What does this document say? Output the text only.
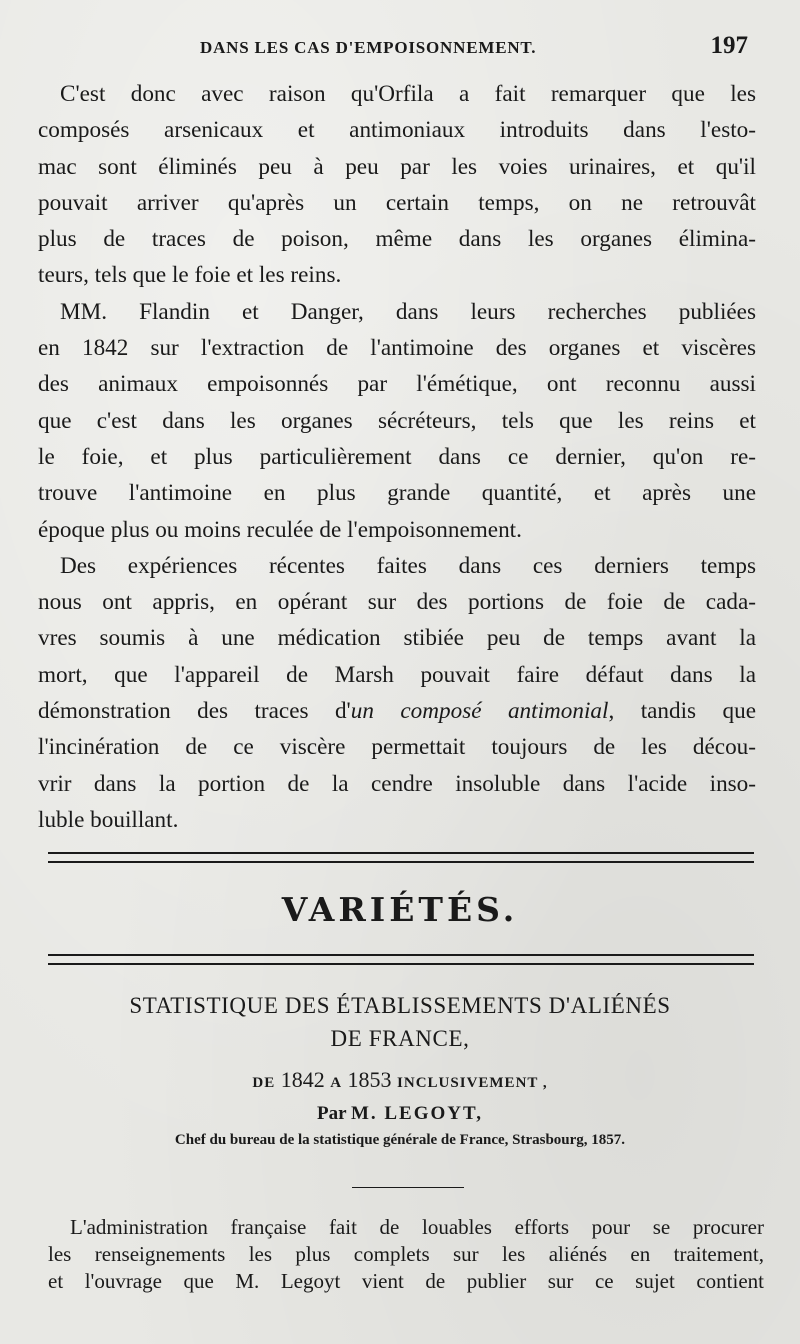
DANS LES CAS D'EMPOISONNEMENT.	197
C'est donc avec raison qu'Orfila a fait remarquer que les
composés arsenicaux et antimoniaux introduits dans l'esto-
mac sont éliminés peu à peu par les voies urinaires, et qu'il
pouvait arriver qu'après un certain temps, on ne retrouvât
plus de traces de poison, même dans les organes élimina-
teurs, tels que le foie et les reins.
MM. Flandin et Danger, dans leurs recherches publiées
en 1842 sur l'extraction de l'antimoine des organes et viscères
des animaux empoisonnés par l'émétique, ont reconnu aussi
que c'est dans les organes sécréteurs, tels que les reins et
le foie, et plus particulièrement dans ce dernier, qu'on re-
trouve l'antimoine en plus grande quantité, et après une
époque plus ou moins reculée de l'empoisonnement.
Des expériences récentes faites dans ces derniers temps
nous ont appris, en opérant sur des portions de foie de cada-
vres soumis à une médication stibiée peu de temps avant la
mort, que l'appareil de Marsh pouvait faire défaut dans la
démonstration des traces d'un composé antimonial, tandis que
l'incinération de ce viscère permettait toujours de les décou-
vrir dans la portion de la cendre insoluble dans l'acide inso-
luble bouillant.
VARIÉTÉS.
STATISTIQUE DES ÉTABLISSEMENTS D'ALIÉNÉS
DE FRANCE,
DE 1842 A 1853 INCLUSIVEMENT ,
Par M. LEGOYT,
Chef du bureau de la statistique générale de France, Strasbourg, 1857.
L'administration française fait de louables efforts pour se procurer
les renseignements les plus complets sur les aliénés en traitement,
et l'ouvrage que M. Legoyt vient de publier sur ce sujet contient
